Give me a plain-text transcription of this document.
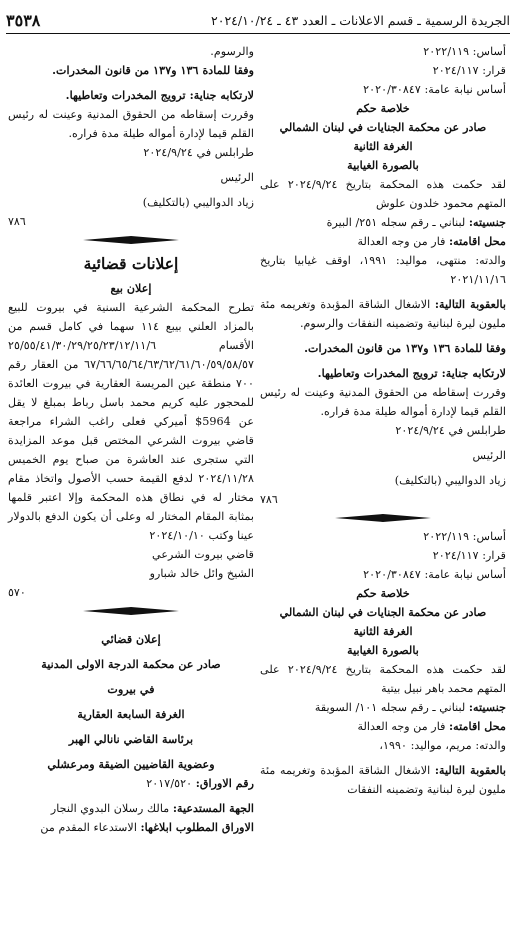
الجريدة الرسمية ـ قسم الاعلانات ـ العدد ٤٣ ـ ٢٠٢٤/١٠/٢٤
٣٥٣٨

أساس: ٢٠٢٢/١١٩

قرار: ٢٠٢٤/١١٧

أساس نيابة عامة: ٢٠٢٠/٣٠٨٤٧

خلاصة حكم

صادر عن محكمة الجنايات في لبنان الشمالي

الغرفة الثانية

بالصورة الغيابية

لقد حكمت هذه المحكمة بتاريخ ٢٠٢٤/٩/٢٤ على المتهم محمود خلدون علوش

جنسيته: لبناني ـ رقم سجله ٢٥١/ البيرة

محل اقامته: فار من وجه العدالة

والدته: منتهى، مواليد: ١٩٩١، اوقف غيابيا بتاريخ ٢٠٢١/١١/١٦

بالعقوبة التالية: الاشغال الشاقة المؤبدة وتغريمه مئة مليون ليرة لبنانية وتضمينه النفقات والرسوم.

وفقا للمادة ١٣٦ و١٣٧ من قانون المخدرات.

لارتكابه جناية: ترويج المخدرات وتعاطيها.

وقررت إسقاطه من الحقوق المدنية وعينت له رئيس القلم قيما لإدارة أمواله طيلة مدة فراره.

طرابلس في ٢٠٢٤/٩/٢٤

الرئيس

زياد الدواليبي (بالتكليف)

٧٨٦

أساس: ٢٠٢٢/١١٩

قرار: ٢٠٢٤/١١٧

أساس نيابة عامة: ٢٠٢٠/٣٠٨٤٧

خلاصة حكم

صادر عن محكمة الجنايات في لبنان الشمالي

الغرفة الثانية

بالصورة الغيابية

لقد حكمت هذه المحكمة بتاريخ ٢٠٢٤/٩/٢٤ على المتهم محمد باهر نبيل بيتية

جنسيته: لبناني ـ رقم سجله ١٠١/ السويقة

محل اقامته: فار من وجه العدالة

والدته: مريم، مواليد: ١٩٩٠،

بالعقوبة التالية: الاشغال الشاقة المؤبدة وتغريمه مئة مليون ليرة لبنانية وتضمينه النفقات

والرسوم.

وفقا للمادة ١٣٦ و١٣٧ من قانون المخدرات.

لارتكابه جناية: ترويج المخدرات وتعاطيها.

وقررت إسقاطه من الحقوق المدنية وعينت له رئيس القلم قيما لإدارة أمواله طيلة مدة فراره.

طرابلس في ٢٠٢٤/٩/٢٤

الرئيس

زياد الدواليبي (بالتكليف)

٧٨٦

إعلانات قضائية

إعلان بيع

تطرح المحكمة الشرعية السنية في بيروت للبيع بالمزاد العلني بيبع ١١٤ سهما في كامل قسم من الأقسام ٢٥/٥٥/٤١/٣٠/٢٩/٢٥/٢٣/١٢/١١/٦ ٦٧/٦٦/٦٥/٦٤/٦٣/٦٢/٦١/٦٠/٥٩/٥٨/٥٧ من العقار رقم ٧٠٠ منطقة عين المريسة العقارية في بيروت العائدة للمحجور عليه كريم محمد باسل رباط بمبلغ لا يقل عن 5964$ أميركي فعلى راغب الشراء مراجعة قاضي بيروت الشرعي المختص قبل موعد المزايدة التي ستجرى عند العاشرة من صباح يوم الخميس ٢٠٢٤/١١/٢٨ لدفع القيمة حسب الأصول واتخاذ مقام مختار له في نطاق هذه المحكمة وإلا اعتبر قلمها بمثابة المقام المختار له وعلى أن يكون الدفع بالدولار عينا وكتب ٢٠٢٤/١٠/١٠

قاضي بيروت الشرعي

الشيخ وائل خالد شبارو

٥٧٠

إعلان قضائي

صادر عن محكمة الدرجة الاولى المدنية

في بيروت

الغرفة السابعة العقارية

برئاسة القاضي نانالي الهبر

وعضوية القاضيين الضيقة ومرعشلي

رقم الاوراق: ٢٠١٧/٥٢٠

الجهة المستدعية: مالك رسلان البدوي النجار

الاوراق المطلوب ابلاغها: الاستدعاء المقدم من
